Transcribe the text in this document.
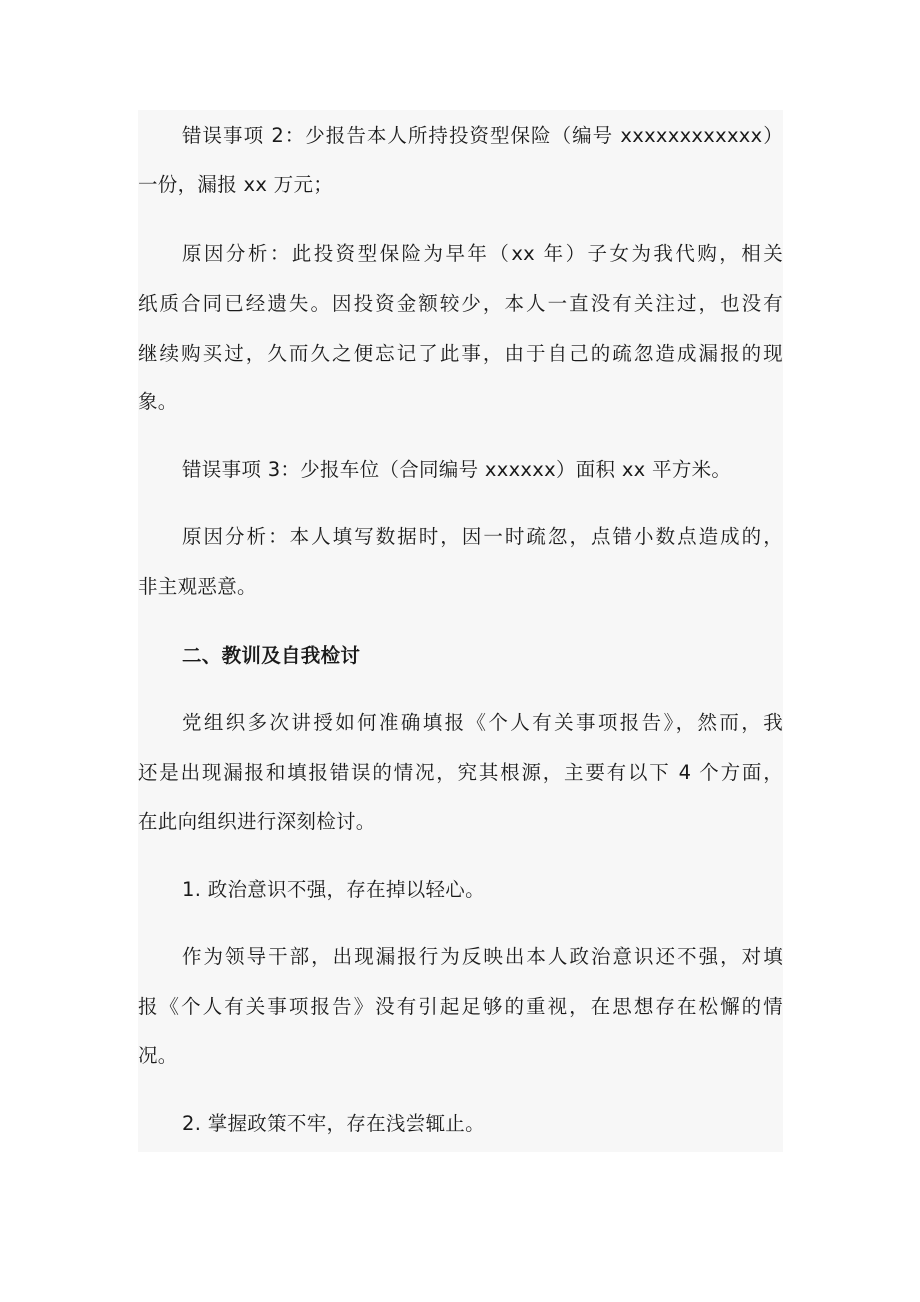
错误事项 2：少报告本人所持投资型保险（编号 xxxxxxxxxxxx）
一份，漏报 xx 万元；
原因分析：此投资型保险为早年（xx 年）子女为我代购，相关
纸质合同已经遗失。因投资金额较少，本人一直没有关注过，也没有
继续购买过，久而久之便忘记了此事，由于自己的疏忽造成漏报的现
象。
错误事项 3：少报车位（合同编号 xxxxxx）面积 xx 平方米。
原因分析：本人填写数据时，因一时疏忽，点错小数点造成的，
非主观恶意。
二、教训及自我检讨
党组织多次讲授如何准确填报《个人有关事项报告》，然而，我
还是出现漏报和填报错误的情况，究其根源，主要有以下 4 个方面，
在此向组织进行深刻检讨。
1. 政治意识不强，存在掉以轻心。
作为领导干部，出现漏报行为反映出本人政治意识还不强，对填
报《个人有关事项报告》没有引起足够的重视，在思想存在松懈的情
况。
2. 掌握政策不牢，存在浅尝辄止。
